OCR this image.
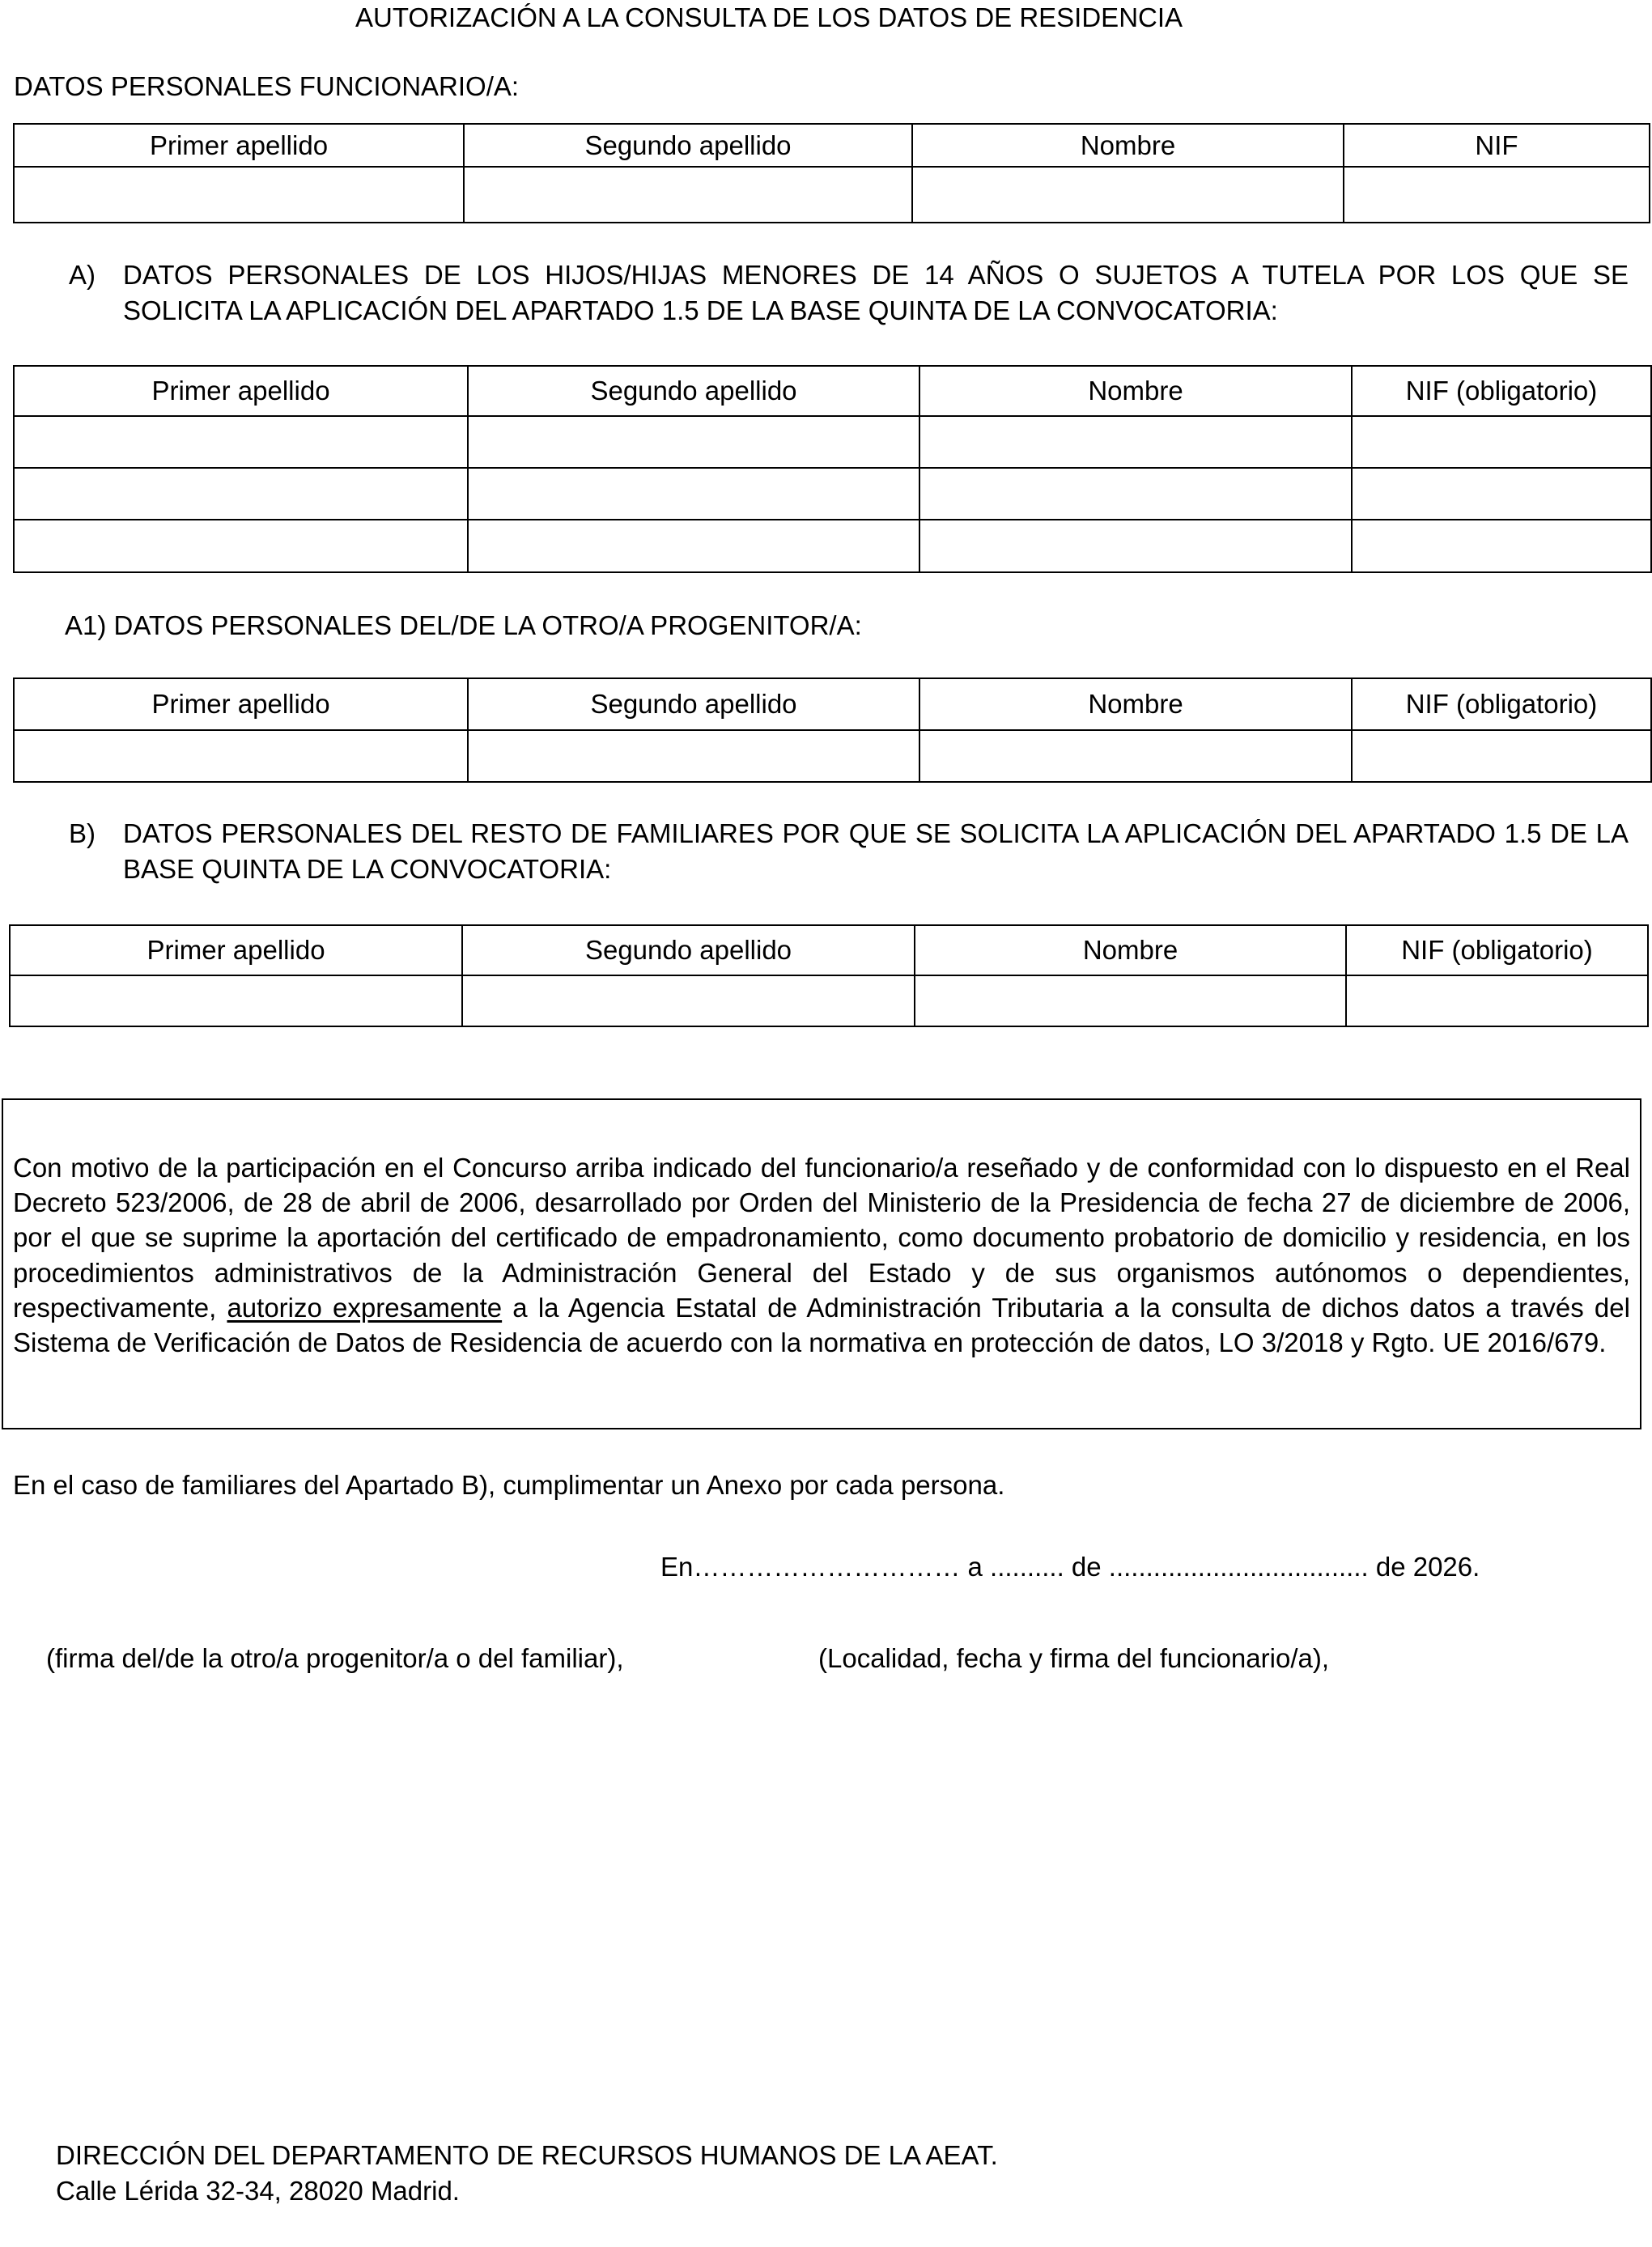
AUTORIZACIÓN A LA CONSULTA DE LOS DATOS DE RESIDENCIA
DATOS PERSONALES FUNCIONARIO/A:
Primer apellido	Segundo apellido	Nombre	NIF

A) DATOS PERSONALES DE LOS HIJOS/HIJAS MENORES DE 14 AÑOS O SUJETOS A TUTELA POR LOS QUE SE SOLICITA LA APLICACIÓN DEL APARTADO 1.5 DE LA BASE QUINTA DE LA CONVOCATORIA:
Primer apellido	Segundo apellido	Nombre	NIF (obligatorio)

A1) DATOS PERSONALES DEL/DE LA OTRO/A PROGENITOR/A:
Primer apellido	Segundo apellido	Nombre	NIF (obligatorio)

B) DATOS PERSONALES DEL RESTO DE FAMILIARES POR QUE SE SOLICITA LA APLICACIÓN DEL APARTADO 1.5 DE LA BASE QUINTA DE LA CONVOCATORIA:
Primer apellido	Segundo apellido	Nombre	NIF (obligatorio)

Con motivo de la participación en el Concurso arriba indicado del funcionario/a reseñado y de conformidad con lo dispuesto en el Real Decreto 523/2006, de 28 de abril de 2006, desarrollado por Orden del Ministerio de la Presidencia de fecha 27 de diciembre de 2006, por el que se suprime la aportación del certificado de empadronamiento, como documento probatorio de domicilio y residencia, en los procedimientos administrativos de la Administración General del Estado y de sus organismos autónomos o dependientes, respectivamente, autorizo expresamente a la Agencia Estatal de Administración Tributaria a la consulta de dichos datos a través del Sistema de Verificación de Datos de Residencia de acuerdo con la normativa en protección de datos, LO 3/2018 y Rgto. UE 2016/679.
En el caso de familiares del Apartado B), cumplimentar un Anexo por cada persona.
En………………………… a .......... de ................................... de 2026.
(firma del/de la otro/a progenitor/a o del familiar),	(Localidad, fecha y firma del funcionario/a),
DIRECCIÓN DEL DEPARTAMENTO DE RECURSOS HUMANOS DE LA AEAT.
Calle Lérida 32-34, 28020 Madrid.
